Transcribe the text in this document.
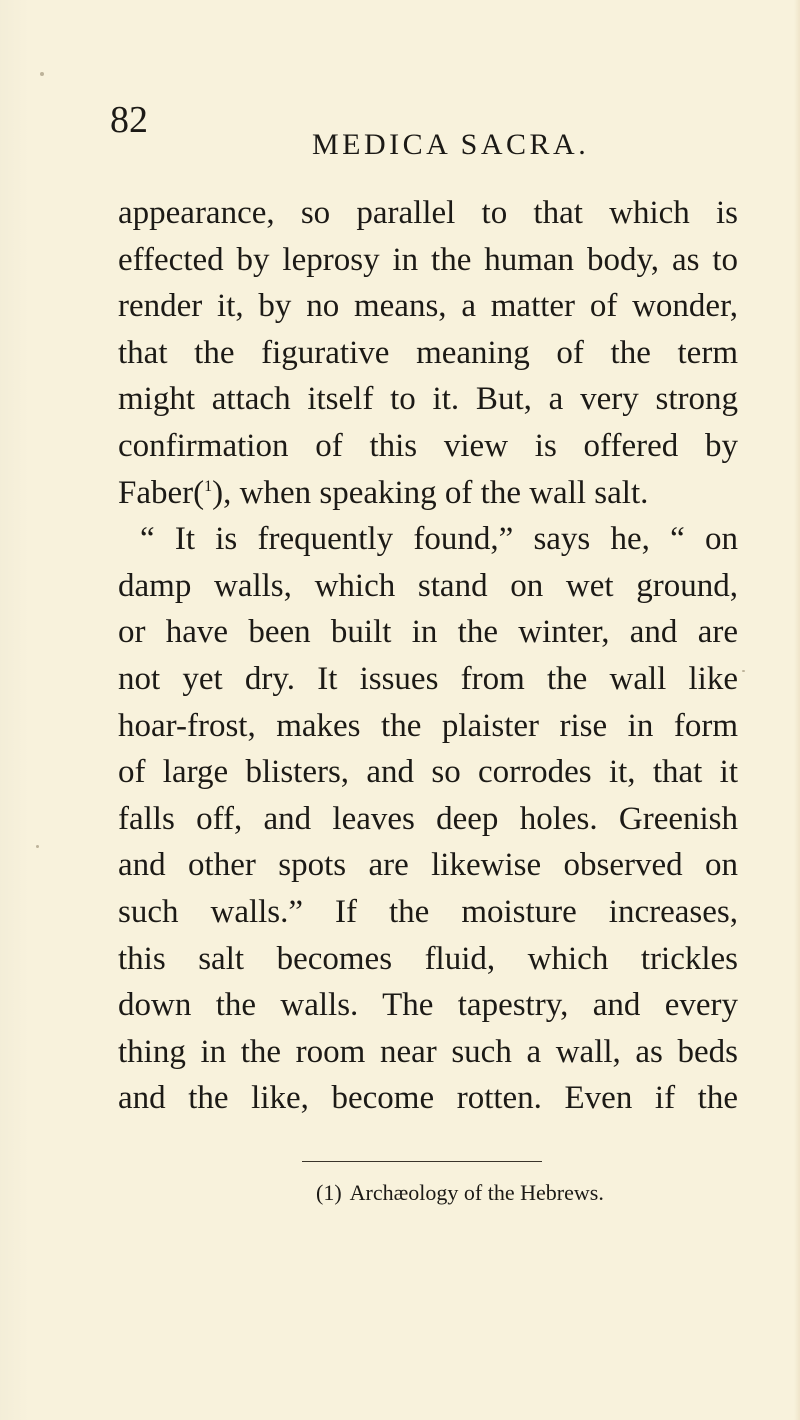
82
MEDICA SACRA.
appearance, so parallel to that which is
effected by leprosy in the human body, as to
render it, by no means, a matter of wonder,
that the figurative meaning of the term
might attach itself to it. But, a very strong
confirmation of this view is offered by
Faber($^1$), when speaking of the wall salt.
“ It is frequently found,” says he, “ on
damp walls, which stand on wet ground,
or have been built in the winter, and are
not yet dry. It issues from the wall like
hoar-frost, makes the plaister rise in form
of large blisters, and so corrodes it, that it
falls off, and leaves deep holes. Greenish
and other spots are likewise observed on
such walls.” If the moisture increases,
this salt becomes fluid, which trickles
down the walls. The tapestry, and every
thing in the room near such a wall, as beds
and the like, become rotten. Even if the
(1) Archæology of the Hebrews.
